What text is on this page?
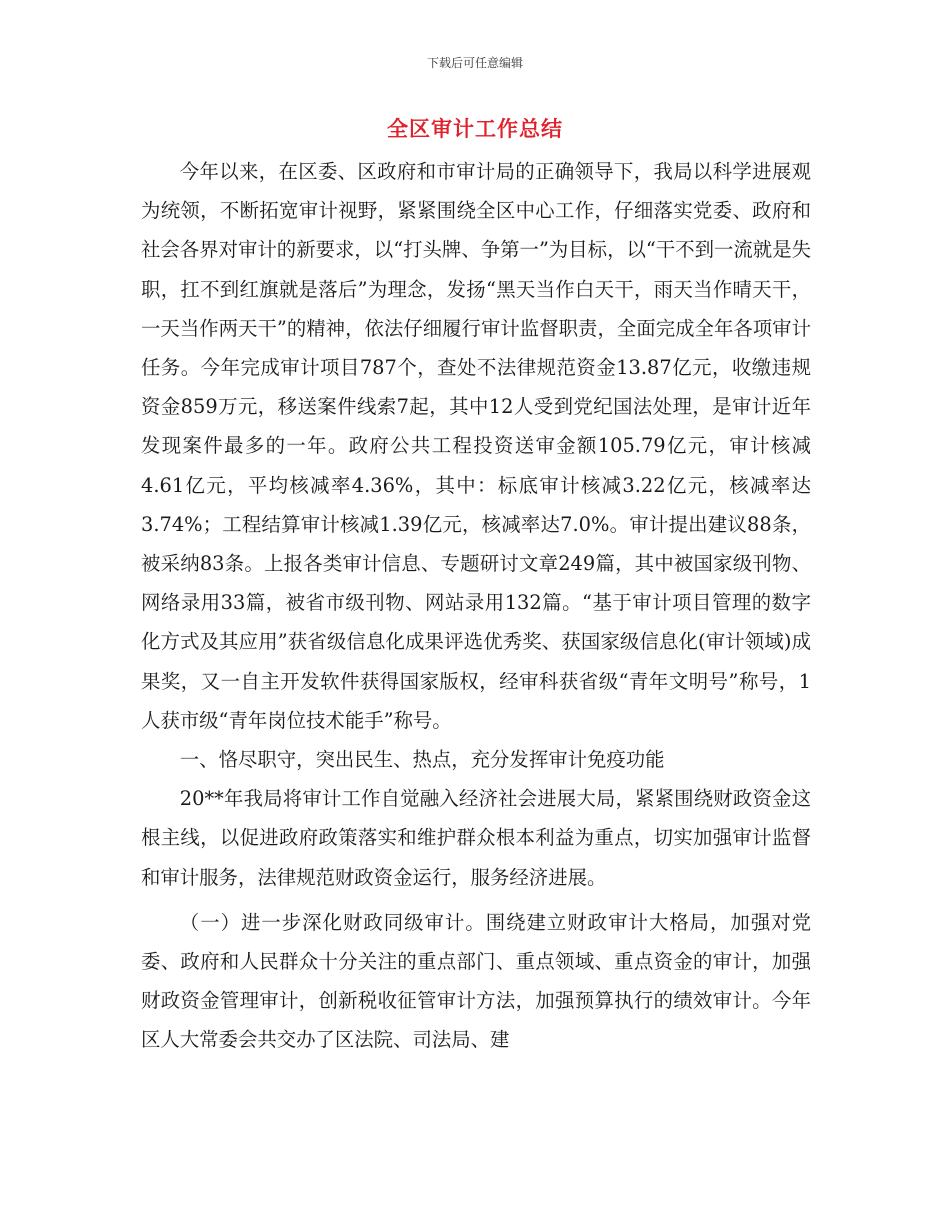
下载后可任意编辑
全区审计工作总结

今年以来，在区委、区政府和市审计局的正确领导下，我局以科学进展观为统领，不断拓宽审计视野，紧紧围绕全区中心工作，仔细落实党委、政府和社会各界对审计的新要求，以“打头牌、争第一”为目标，以“干不到一流就是失职，扛不到红旗就是落后”为理念，发扬“黑天当作白天干，雨天当作晴天干，一天当作两天干”的精神，依法仔细履行审计监督职责，全面完成全年各项审计任务。今年完成审计项目787个，查处不法律规范资金13.87亿元，收缴违规资金859万元，移送案件线索7起，其中12人受到党纪国法处理，是审计近年发现案件最多的一年。政府公共工程投资送审金额105.79亿元，审计核减4.61亿元，平均核减率4.36%，其中：标底审计核减3.22亿元，核减率达3.74%；工程结算审计核减1.39亿元，核减率达7.0%。审计提出建议88条，被采纳83条。上报各类审计信息、专题研讨文章249篇，其中被国家级刊物、网络录用33篇，被省市级刊物、网站录用132篇。“基于审计项目管理的数字化方式及其应用”获省级信息化成果评选优秀奖、获国家级信息化(审计领域)成果奖，又一自主开发软件获得国家版权，经审科获省级“青年文明号”称号，1人获市级“青年岗位技术能手”称号。

一、恪尽职守，突出民生、热点，充分发挥审计免疫功能

20**年我局将审计工作自觉融入经济社会进展大局，紧紧围绕财政资金这根主线，以促进政府政策落实和维护群众根本利益为重点，切实加强审计监督和审计服务，法律规范财政资金运行，服务经济进展。

（一）进一步深化财政同级审计。围绕建立财政审计大格局，加强对党委、政府和人民群众十分关注的重点部门、重点领域、重点资金的审计，加强财政资金管理审计，创新税收征管审计方法，加强预算执行的绩效审计。今年区人大常委会共交办了区法院、司法局、建
